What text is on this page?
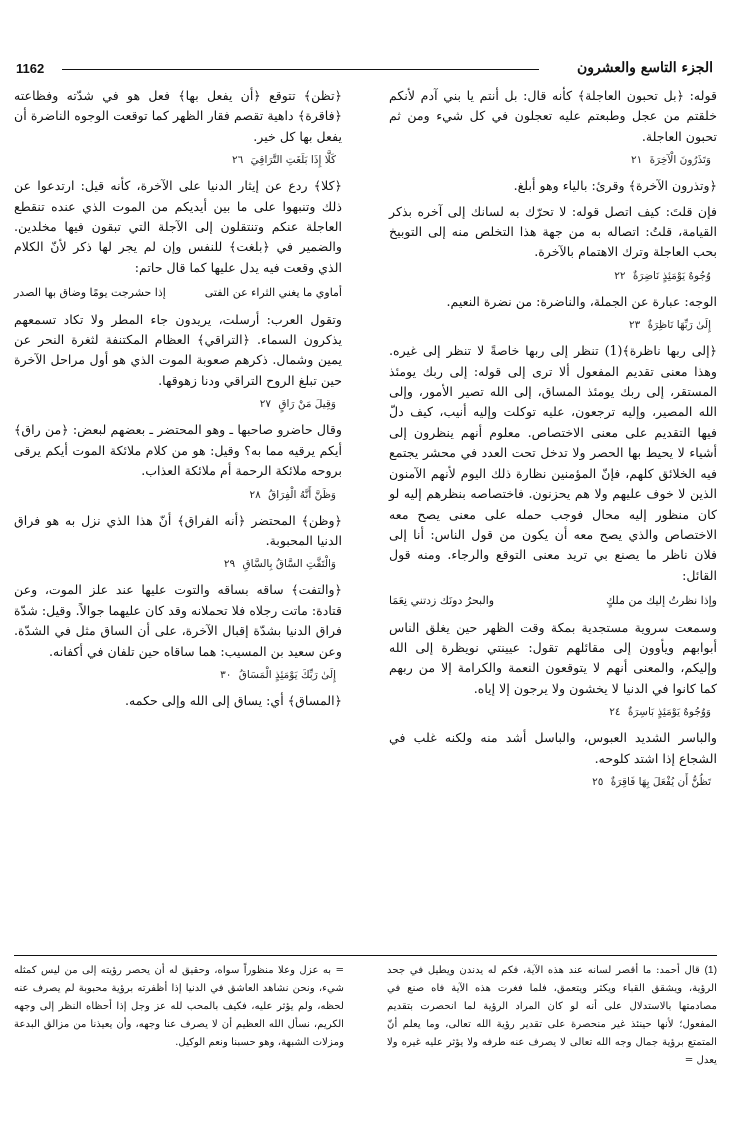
الجزء التاسع والعشرون
1162

قوله: ﴿بل تحبون العاجلة﴾ كأنه قال: بل أنتم يا بني آدم لأنكم خلقتم من عجل وطبعتم عليه تعجلون في كل شيء ومن ثم تحبون العاجلة.

وَتَذَرُونَ الْآخِرَةَ ٢١

﴿وتذرون الآخرة﴾ وقرئ: بالياء وهو أبلغ.

فإن قلتَ: كيف اتصل قوله: لا تحرّك به لسانك إلى آخره بذكر القيامة، قلتُ: اتصاله به من جهة هذا التخلص منه إلى التوبيخ بحب العاجلة وترك الاهتمام بالآخرة.

وُجُوهٌ يَوْمَئِذٍ نَاضِرَةٌ ٢٢

الوجه: عبارة عن الجملة، والناضرة: من نضرة النعيم.

إِلَىٰ رَبِّهَا نَاظِرَةٌ ٢٣

﴿إلى ربها ناظرة﴾(1) تنظر إلى ربها خاصةً لا تنظر إلى غيره. وهذا معنى تقديم المفعول ألا ترى إلى قوله: إلى ربك يومئذ المستقر، إلى ربك يومئذ المساق، إلى الله تصير الأمور، وإلى الله المصير، وإليه ترجعون، عليه توكلت وإليه أنيب، كيف دلّ فيها التقديم على معنى الاختصاص. معلوم أنهم ينظرون إلى أشياء لا يحيط بها الحصر ولا تدخل تحت العدد في محشر يجتمع فيه الخلائق كلهم، فإنّ المؤمنين نظارة ذلك اليوم لأنهم الآمنون الذين لا خوف عليهم ولا هم يحزنون. فاختصاصه بنظرهم إليه لو كان منظور إليه محال فوجب حمله على معنى يصح معه الاختصاص والذي يصح معه أن يكون من قول الناس: أنا إلى فلان ناظر ما يصنع بي تريد معنى التوقع والرجاء. ومنه قول القائل:

وإذا نظرتُ إليك من ملكٍ
والبحرُ دونَك زدتني نِعَمَا

وسمعت سروية مستجدية بمكة وقت الظهر حين يغلق الناس أبوابهم ويأوون إلى مقائلهم تقول: عيينتي نويظرة إلى الله وإليكم، والمعنى أنهم لا يتوقعون النعمة والكرامة إلا من ربهم كما كانوا في الدنيا لا يخشون ولا يرجون إلا إياه.

وَوُجُوهٌ يَوْمَئِذٍ بَاسِرَةٌ ٢٤

والباسر الشديد العبوس، والباسل أشد منه ولكنه غلب في الشجاع إذا اشتد كلوحه.

تَظُنُّ أَن يُفْعَلَ بِهَا فَاقِرَةٌ ٢٥

﴿تظن﴾ تتوقع ﴿أن يفعل بها﴾ فعل هو في شدّته وفظاعته ﴿فاقرة﴾ داهية تقصم فقار الظهر كما توقعت الوجوه الناضرة أن يفعل بها كل خير.

كَلَّا إِذَا بَلَغَتِ التَّرَاقِيَ ٢٦

﴿كلا﴾ ردع عن إيثار الدنيا على الآخرة، كأنه قيل: ارتدعوا عن ذلك وتنبهوا على ما بين أيديكم من الموت الذي عنده تنقطع العاجلة عنكم وتنتقلون إلى الآجلة التي تبقون فيها مخلدين. والضمير في ﴿بلغت﴾ للنفس وإن لم يجر لها ذكر لأنّ الكلام الذي وقعت فيه يدل عليها كما قال حاتم:

أماوي ما يغني الثراء عن الفتى
إذا حشرجت يومًا وضاق بها الصدر

وتقول العرب: أرسلت، يريدون جاء المطر ولا تكاد تسمعهم يذكرون السماء. ﴿التراقي﴾ العظام المكتنفة لثغرة النحر عن يمين وشمال. ذكرهم صعوبة الموت الذي هو أول مراحل الآخرة حين تبلغ الروح التراقي ودنا زهوقها.

وَقِيلَ مَنْ رَاقٍ ٢٧

وقال حاضرو صاحبها ـ وهو المحتضر ـ بعضهم لبعض: ﴿من راق﴾ أيكم يرقيه مما به؟ وقيل: هو من كلام ملائكة الموت أيكم يرقى بروحه ملائكة الرحمة أم ملائكة العذاب.

وَظَنَّ أَنَّهُ الْفِرَاقُ ٢٨

﴿وظن﴾ المحتضر ﴿أنه الفراق﴾ أنّ هذا الذي نزل به هو فراق الدنيا المحبوبة.

وَالْتَفَّتِ السَّاقُ بِالسَّاقِ ٢٩

﴿والتفت﴾ ساقه بساقه والتوت عليها عند علز الموت، وعن قتادة: ماتت رجلاه فلا تحملانه وقد كان عليهما جوالاً. وقيل: شدّة فراق الدنيا بشدّة إقبال الآخرة، على أن الساق مثل في الشدّة. وعن سعيد بن المسيب: هما ساقاه حين تلفان في أكفانه.

إِلَىٰ رَبِّكَ يَوْمَئِذٍ الْمَسَاقُ ٣٠

﴿المساق﴾ أي: يساق إلى الله وإلى حكمه.

(1) قال أحمد: ما أقصر لسانه عند هذه الآية، فكم له يدندن ويطيل في جحد الرؤية، ويشقق القباء ويكثر ويتعمق، فلما فغرت هذه الآية فاه صنع في مصادمتها بالاستدلال على أنه لو كان المراد الرؤية لما انحصرت بتقديم المفعول؛ لأنها حينئذ غير منحصرة على تقدير رؤية الله تعالى، وما يعلم أنّ المتمتع برؤية جمال وجه الله تعالى لا يصرف عنه طرفه ولا يؤثر عليه غيره ولا يعدل =
= به عزل وعلا منظوراً سواه، وحقيق له أن يحصر رؤيته إلى من ليس كمثله شيء، ونحن نشاهد العاشق في الدنيا إذا أظفرته برؤية محبوبة لم يصرف عنه لحظه، ولم يؤثر عليه، فكيف بالمحب لله عز وجل إذا أحظاه النظر إلى وجهه الكريم، نسأل الله العظيم أن لا يصرف عنا وجهه، وأن يعيذنا من مزالق البدعة ومزلات الشبهة، وهو حسبنا ونعم الوكيل.
